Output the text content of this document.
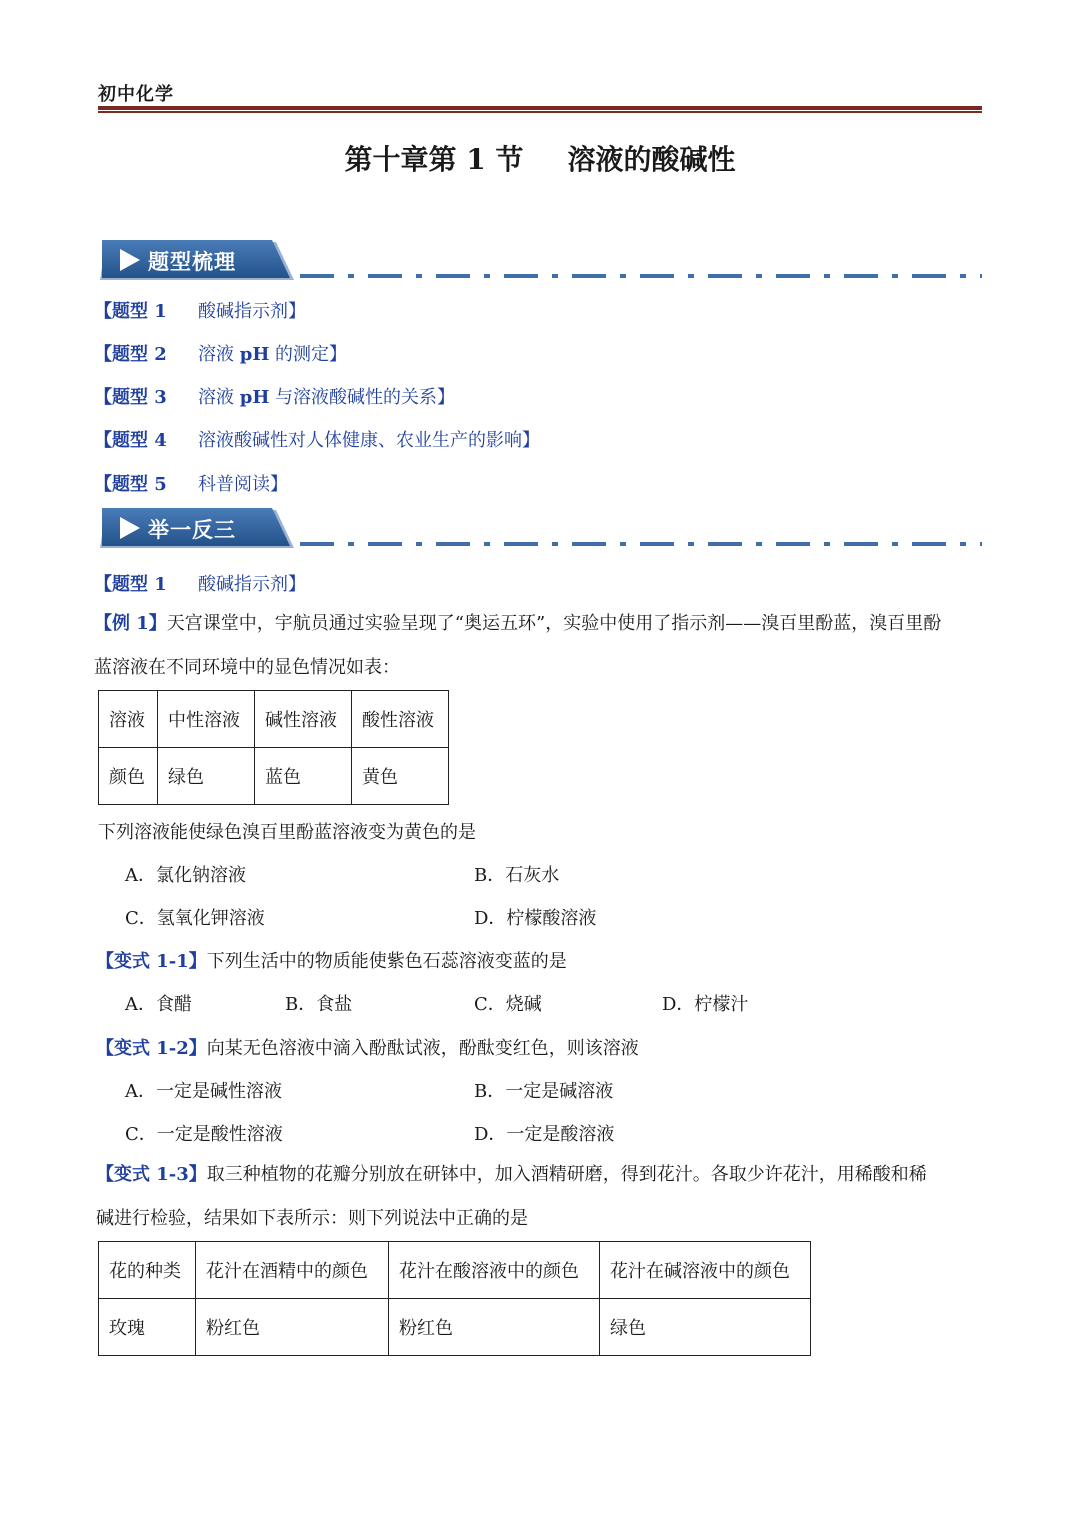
初中化学
第十章第 1 节 溶液的酸碱性
题型梳理
【题型 1 酸碱指示剂】
【题型 2 溶液 pH 的测定】
【题型 3 溶液 pH 与溶液酸碱性的关系】
【题型 4 溶液酸碱性对人体健康、农业生产的影响】
【题型 5 科普阅读】
举一反三
【题型 1 酸碱指示剂】
【例 1】天宫课堂中，宇航员通过实验呈现了“奥运五环”，实验中使用了指示剂——溴百里酚蓝，溴百里酚
蓝溶液在不同环境中的显色情况如表：
溶液	中性溶液	碱性溶液	酸性溶液
颜色	绿色	蓝色	黄色
下列溶液能使绿色溴百里酚蓝溶液变为黄色的是
A．氯化钠溶液	B．石灰水
C．氢氧化钾溶液	D．柠檬酸溶液
【变式 1-1】下列生活中的物质能使紫色石蕊溶液变蓝的是
A．食醋	B．食盐	C．烧碱	D．柠檬汁
【变式 1-2】向某无色溶液中滴入酚酞试液，酚酞变红色，则该溶液
A．一定是碱性溶液	B．一定是碱溶液
C．一定是酸性溶液	D．一定是酸溶液
【变式 1-3】取三种植物的花瓣分别放在研钵中，加入酒精研磨，得到花汁。各取少许花汁，用稀酸和稀
碱进行检验，结果如下表所示：则下列说法中正确的是
花的种类	花汁在酒精中的颜色	花汁在酸溶液中的颜色	花汁在碱溶液中的颜色
玫瑰	粉红色	粉红色	绿色
